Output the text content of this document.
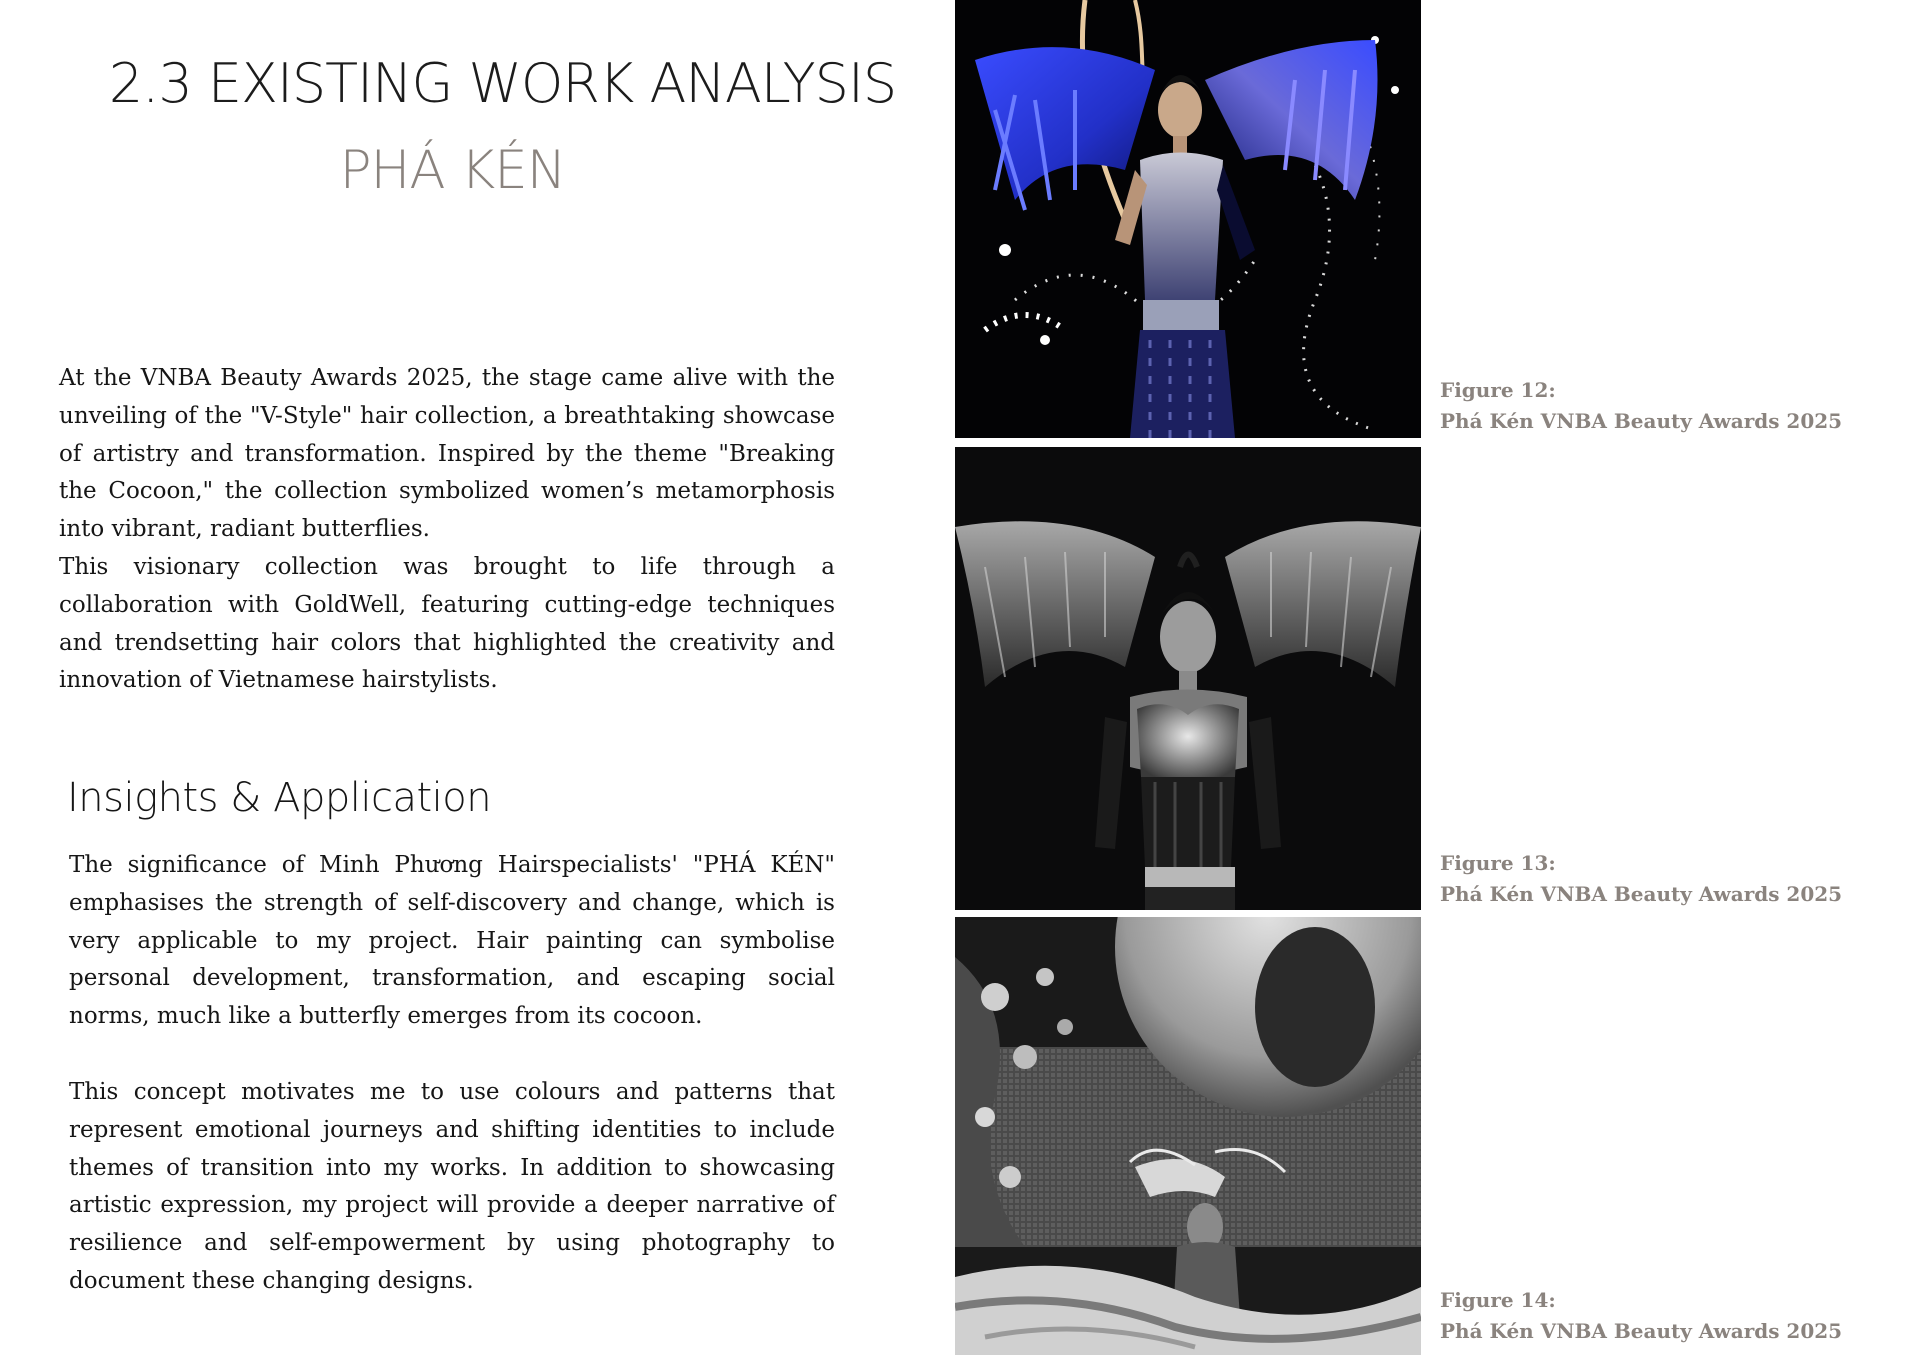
2.3 EXISTING WORK ANALYSIS
PHÁ KÉN

At the VNBA Beauty Awards 2025, the stage came alive with the unveiling of the "V-Style" hair collection, a breathtaking showcase of artistry and transformation. Inspired by the theme "Breaking the Cocoon," the collection symbolized women’s metamorphosis into vibrant, radiant butterflies.

This visionary collection was brought to life through a collaboration with GoldWell, featuring cutting-edge techniques and trendsetting hair colors that highlighted the creativity and innovation of Vietnamese hairstylists.

Insights & Application

The significance of Minh Phương Hairspecialists' "PHÁ KÉN" emphasises the strength of self-discovery and change, which is very applicable to my project. Hair painting can symbolise personal development, transformation, and escaping social norms, much like a butterfly emerges from its cocoon.

This concept motivates me to use colours and patterns that represent emotional journeys and shifting identities to include themes of transition into my works. In addition to showcasing artistic expression, my project will provide a deeper narrative of resilience and self-empowerment by using photography to document these changing designs.

Figure 12:
Phá Kén VNBA Beauty Awards 2025
Figure 13:
Phá Kén VNBA Beauty Awards 2025
Figure 14:
Phá Kén VNBA Beauty Awards 2025
